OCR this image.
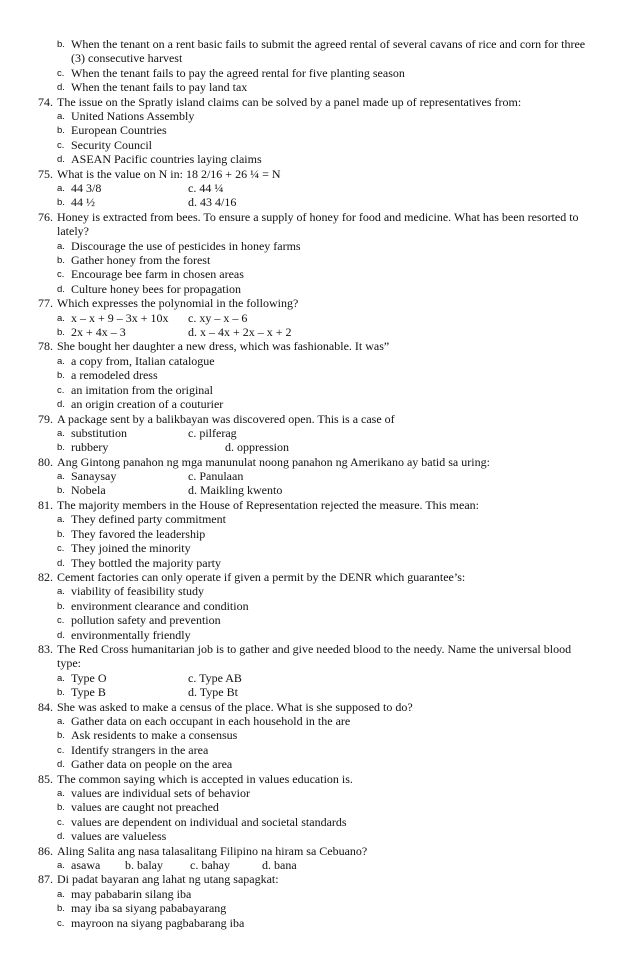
b. When the tenant on a rent basic fails to submit the agreed rental of several cavans of rice and corn for three (3) consecutive harvest
c. When the tenant fails to pay the agreed rental for five planting season
d. When the tenant fails to pay land tax
74. The issue on the Spratly island claims can be solved by a panel made up of representatives from:
a. United Nations Assembly
b. European Countries
c. Security Council
d. ASEAN Pacific countries laying claims
75. What is the value on N in: 18 2/16 + 26 ¼ = N
a. 44 3/8	c. 44 ¼
b. 44 ½	d. 43 4/16
76. Honey is extracted from bees. To ensure a supply of honey for food and medicine. What has been resorted to lately?
a. Discourage the use of pesticides in honey farms
b. Gather honey from the forest
c. Encourage bee farm in chosen areas
d. Culture honey bees for propagation
77. Which expresses the polynomial in the following?
a. x – x + 9 – 3x + 10x c. xy – x – 6
b. 2x + 4x – 3	d. x – 4x + 2x – x + 2
78. She bought her daughter a new dress, which was fashionable. It was”
a. a copy from, Italian catalogue
b. a remodeled dress
c. an imitation from the original
d. an origin creation of a couturier
79. A package sent by a balikbayan was discovered open. This is a case of
a. substitution	c. pilferag
b. rubbery	d. oppression
80. Ang Gintong panahon ng mga manunulat noong panahon ng Amerikano ay batid sa uring:
a. Sanaysay	c. Panulaan
b. Nobela	d. Maikling kwento
81. The majority members in the House of Representation rejected the measure. This mean:
a. They defined party commitment
b. They favored the leadership
c. They joined the minority
d. They bottled the majority party
82. Cement factories can only operate if given a permit by the DENR which guarantee’s:
a. viability of feasibility study
b. environment clearance and condition
c. pollution safety and prevention
d. environmentally friendly
83. The Red Cross humanitarian job is to gather and give needed blood to the needy. Name the universal blood type:
a. Type O	c. Type AB
b. Type B	d. Type Bt
84. She was asked to make a census of the place. What is she supposed to do?
a. Gather data on each occupant in each household in the are
b. Ask residents to make a consensus
c. Identify strangers in the area
d. Gather data on people on the area
85. The common saying which is accepted in values education is.
a. values are individual sets of behavior
b. values are caught not preached
c. values are dependent on individual and societal standards
d. values are valueless
86. Aling Salita ang nasa talasalitang Filipino na hiram sa Cebuano?
a. asawa b. balay c. bahay	d. bana
87. Di padat bayaran ang lahat ng utang sapagkat:
a. may pababarin silang iba
b. may iba sa siyang pababayarang
c. mayroon na siyang pagbabarang iba
